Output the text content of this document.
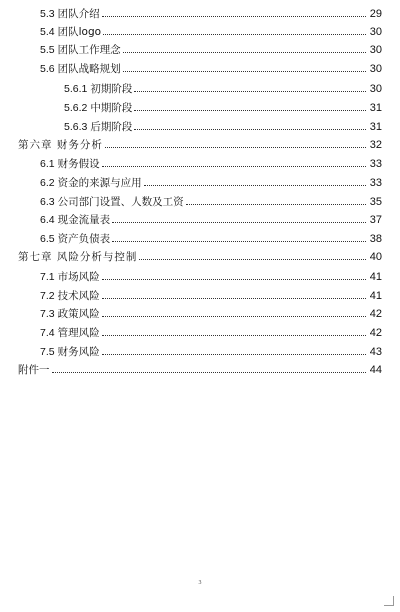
5.3 团队介绍	29
5.4 团队logo	30
5.5 团队工作理念	30
5.6 团队战略规划	30
5.6.1 初期阶段	30
5.6.2 中期阶段	31
5.6.3 后期阶段	31
第六章 财务分析	32
6.1 财务假设	33
6.2 资金的来源与应用	33
6.3 公司部门设置、人数及工资	35
6.4 现金流量表	37
6.5 资产负债表	38
第七章 风险分析与控制	40
7.1 市场风险	41
7.2 技术风险	41
7.3 政策风险	42
7.4 管理风险	42
7.5 财务风险	43
附件一	44
3
